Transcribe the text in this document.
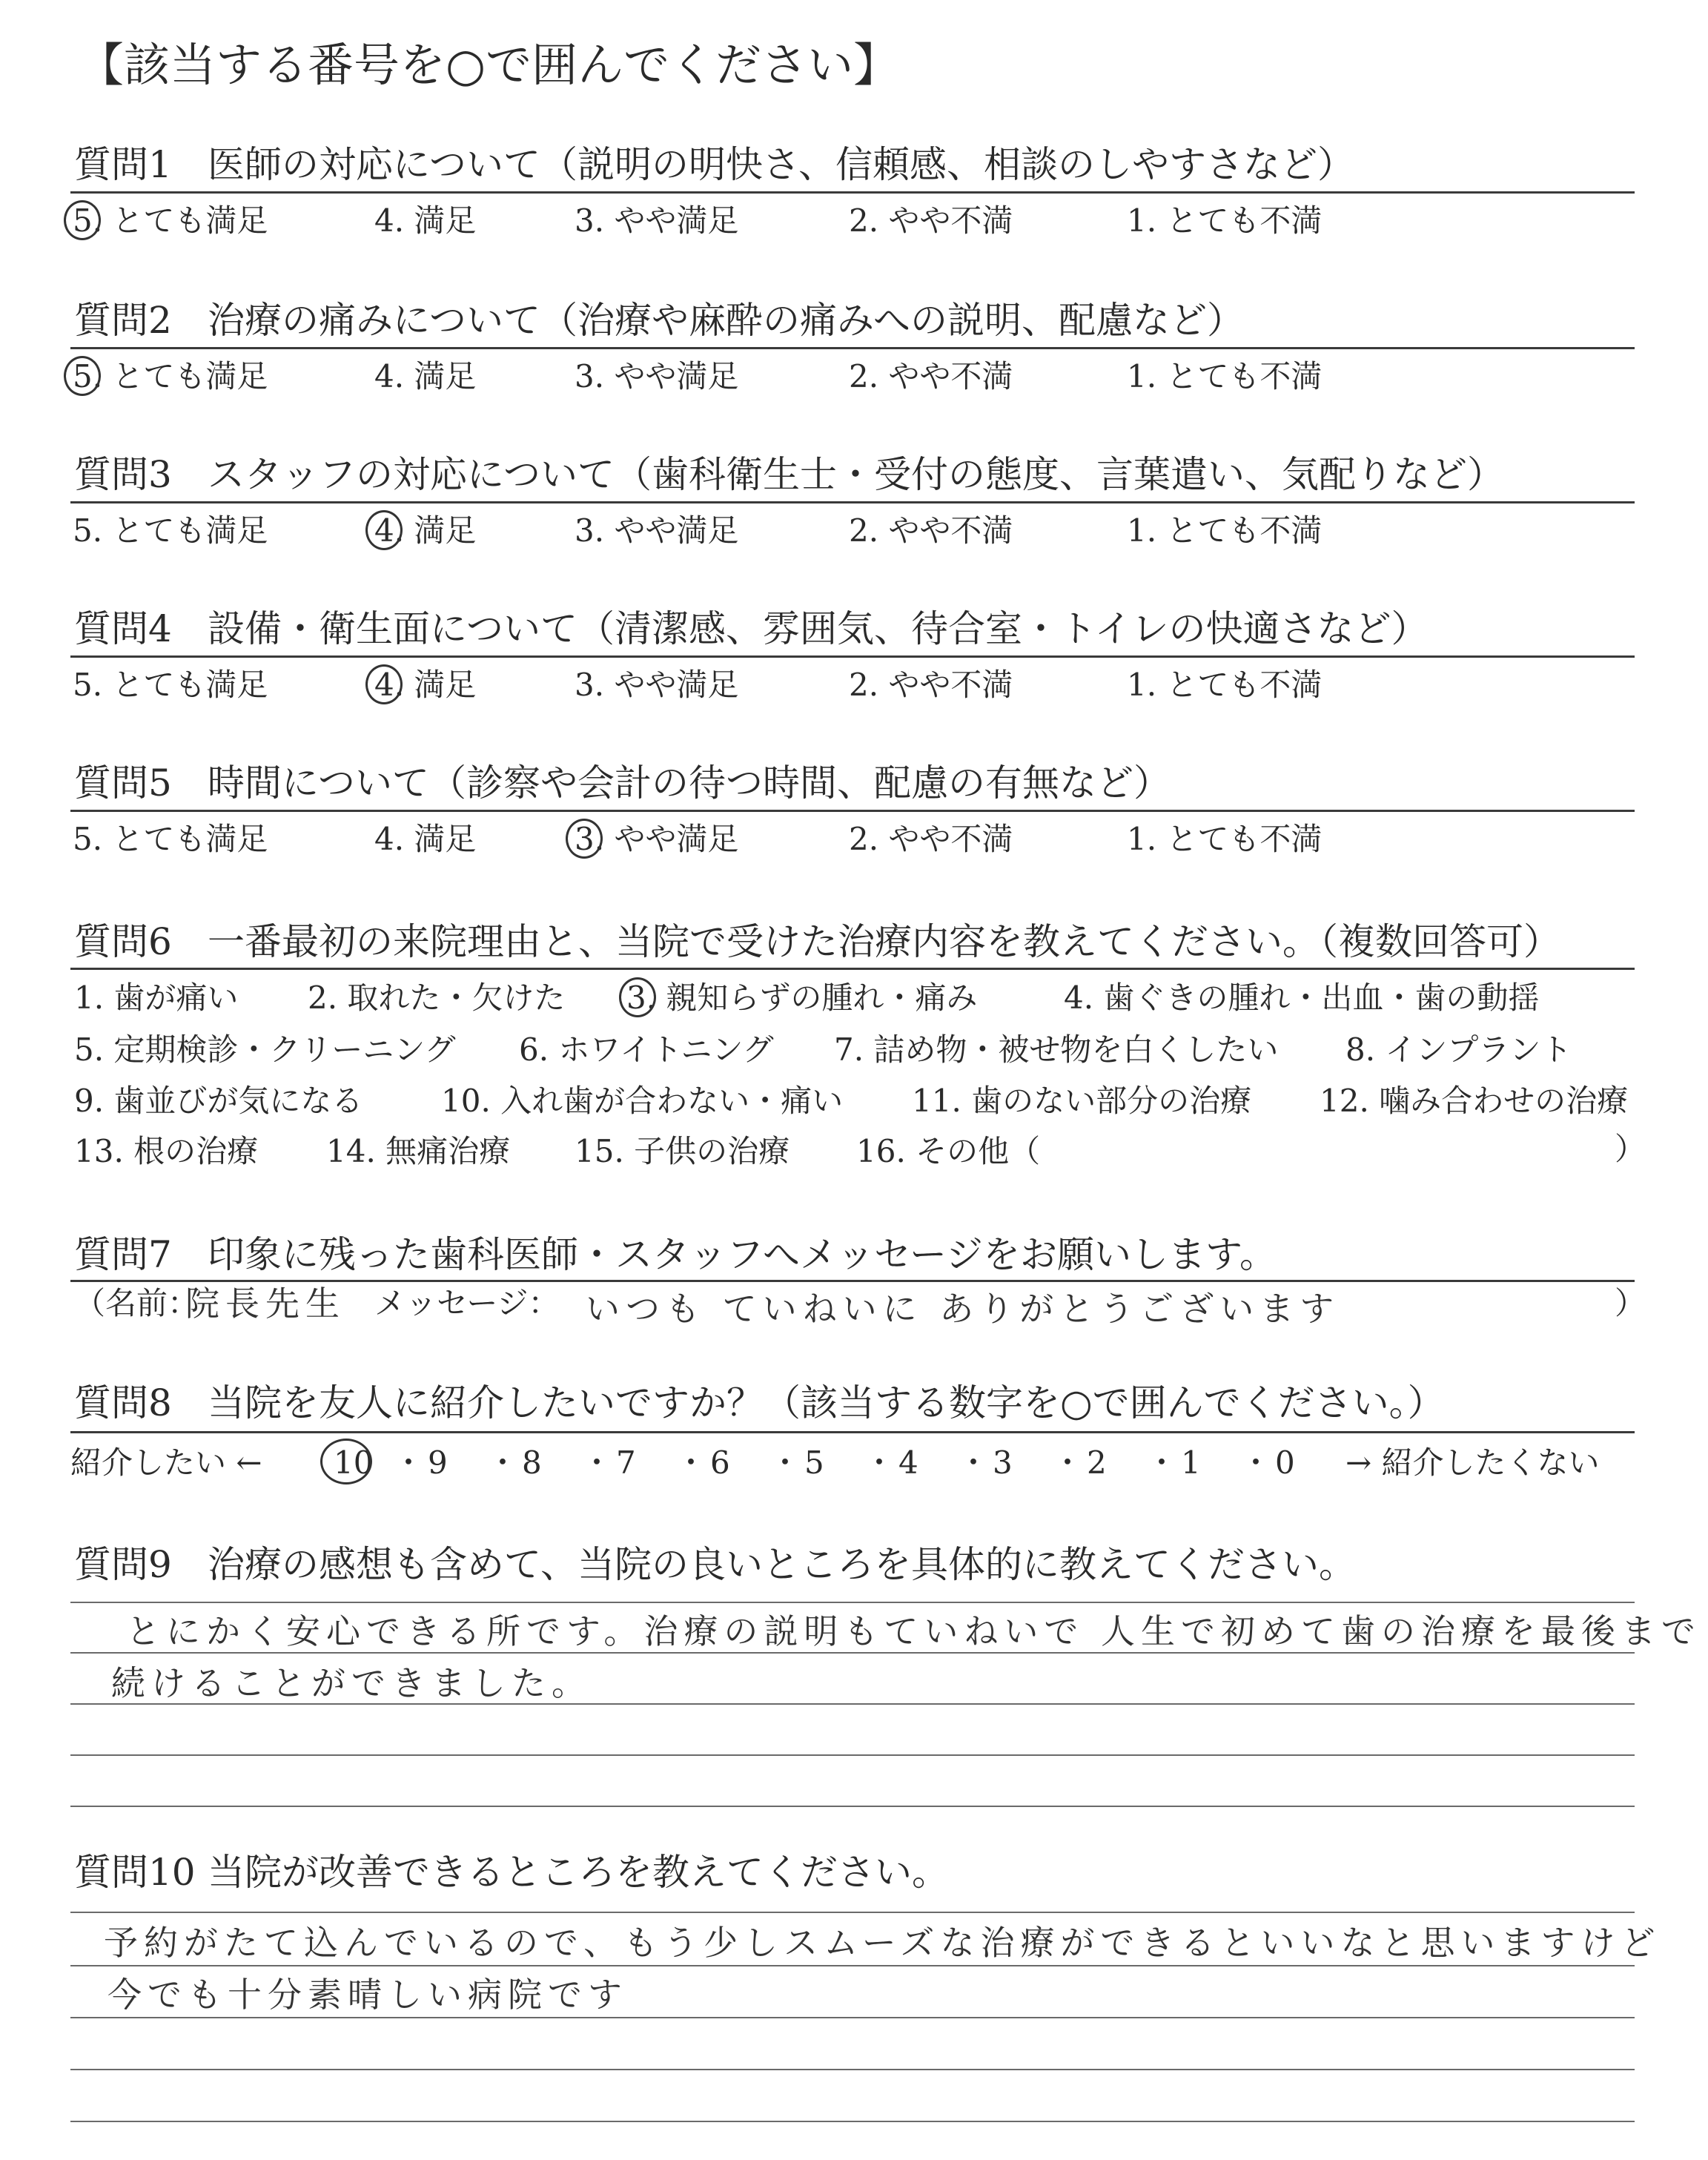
【該当する番号を○で囲んでください】
質問1 医師の対応について（説明の明快さ、信頼感、相談のしやすさなど）
5. とても満足	4. 満足	3. やや満足	2. やや不満	1. とても不満
質問2 治療の痛みについて（治療や麻酔の痛みへの説明、配慮など）
5. とても満足	4. 満足	3. やや満足	2. やや不満	1. とても不満
質問3 スタッフの対応について（歯科衛生士・受付の態度、言葉遣い、気配りなど）
5. とても満足	4. 満足	3. やや満足	2. やや不満	1. とても不満
質問4 設備・衛生面について（清潔感、雰囲気、待合室・トイレの快適さなど）
5. とても満足	4. 満足	3. やや満足	2. やや不満	1. とても不満
質問5 時間について（診察や会計の待つ時間、配慮の有無など）
5. とても満足	4. 満足	3. やや満足	2. やや不満	1. とても不満
質問6 一番最初の来院理由と、当院で受けた治療内容を教えてください。（複数回答可）
1. 歯が痛い 2. 取れた・欠けた 3. 親知らずの腫れ・痛み	4. 歯ぐきの腫れ・出血・歯の動揺
5. 定期検診・クリーニング 6. ホワイトニング 7. 詰め物・被せ物を白くしたい 8. インプラント
9. 歯並びが気になる	10. 入れ歯が合わない・痛い 11. 歯のない部分の治療 12. 噛み合わせの治療
13. 根の治療 14. 無痛治療 15. 子供の治療 16. その他（	）
質問7 印象に残った歯科医師・スタッフへメッセージをお願いします。
（名前：
院長先生 メッセージ： いつも ていねいに ありがとうございます	）
質問8 当院を友人に紹介したいですか？（該当する数字を○で囲んでください。）
紹介したい ← 10 ・ 9 ・ 8 ・ 7 ・ 6 ・ 5 ・ 4 ・ 3 ・ 2 ・ 1 ・ 0 → 紹介したくない
質問9 治療の感想も含めて、当院の良いところを具体的に教えてください。
とにかく安心できる所です。治療の説明もていねいで 人生で初めて歯の治療を最後まで
続けることができました。
質問10 当院が改善できるところを教えてください。
予約がたて込んでいるので、もう少しスムーズな治療ができるといいなと思いますけど
今でも十分素晴しい病院です
